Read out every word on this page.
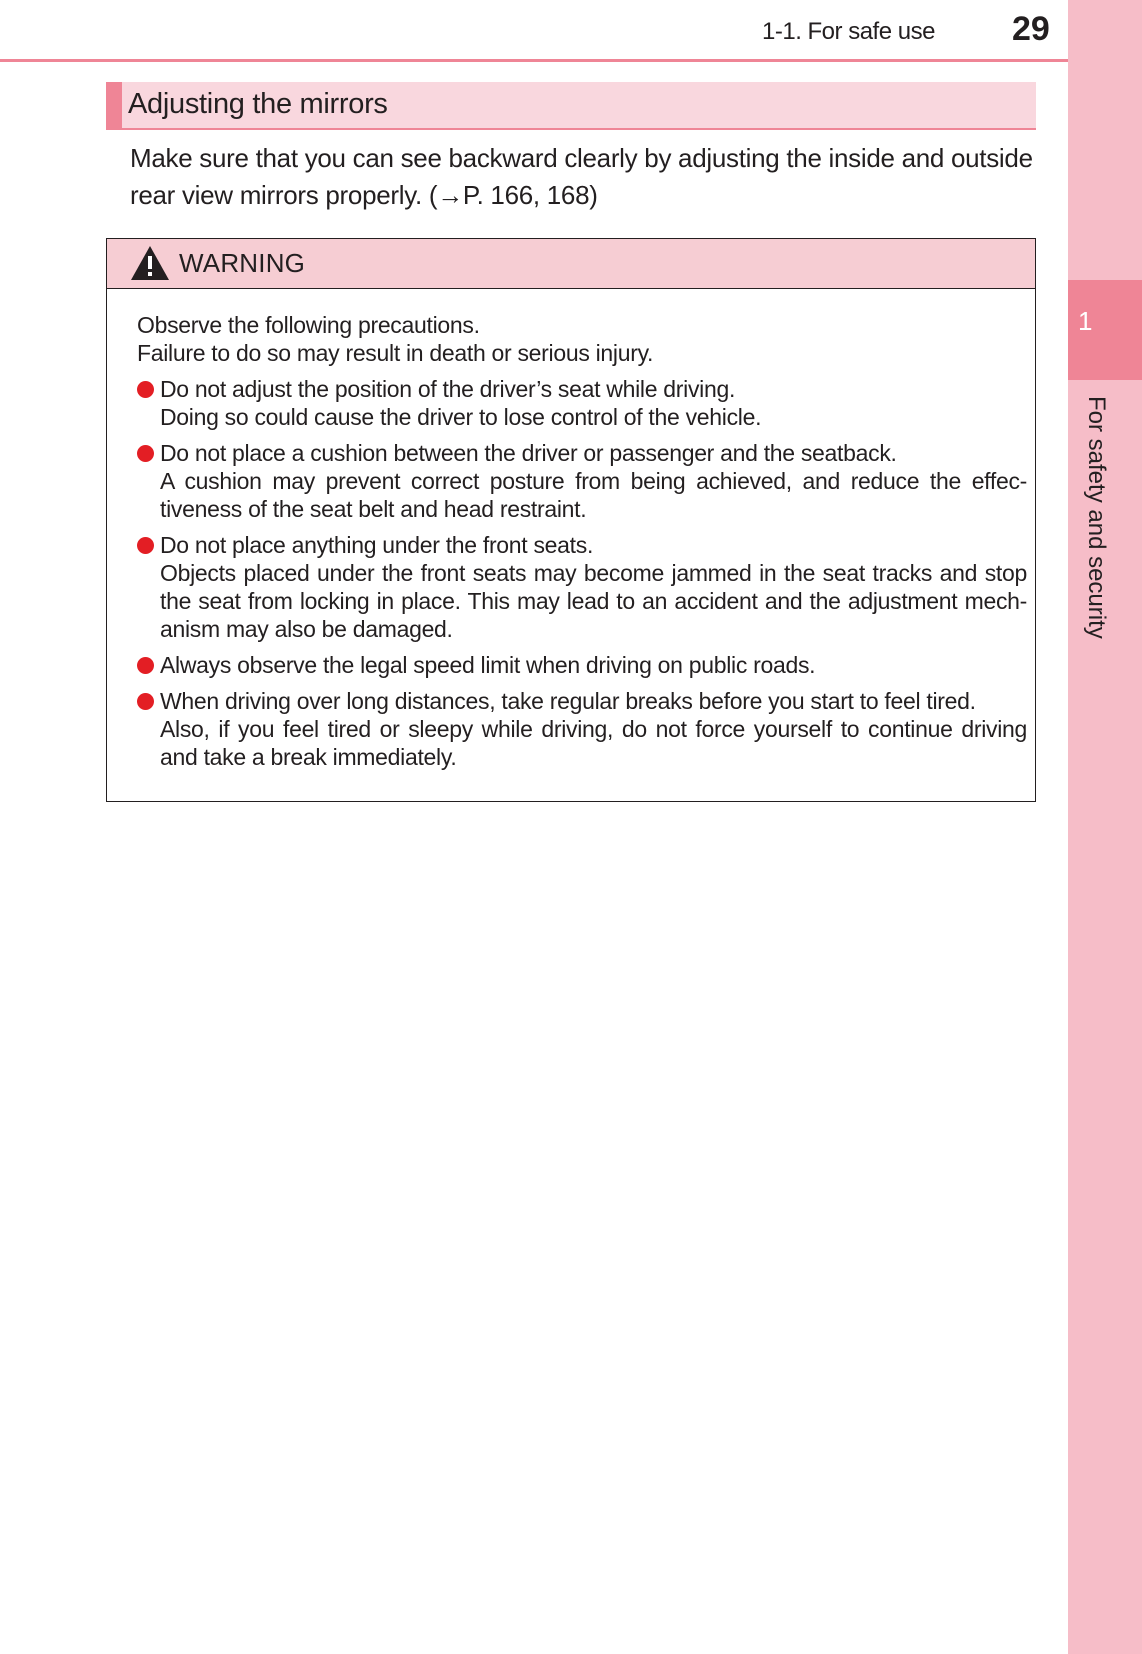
1
For safety and security
1-1. For safe use 29
Adjusting the mirrors
Make sure that you can see backward clearly by adjusting the inside and outside rear view mirrors properly. (→P. 166, 168)
WARNING

Observe the following precautions.

Failure to do so may result in death or serious injury.

Do not adjust the position of the driver’s seat while driving.
Doing so could cause the driver to lose control of the vehicle.
Do not place a cushion between the driver or passenger and the seatback.
A cushion may prevent correct posture from being achieved, and reduce the effec-tiveness of the seat belt and head restraint.
Do not place anything under the front seats.
Objects placed under the front seats may become jammed in the seat tracks and stop the seat from locking in place. This may lead to an accident and the adjustment mech-anism may also be damaged.
Always observe the legal speed limit when driving on public roads.
When driving over long distances, take regular breaks before you start to feel tired.
Also, if you feel tired or sleepy while driving, do not force yourself to continue driving and take a break immediately.
